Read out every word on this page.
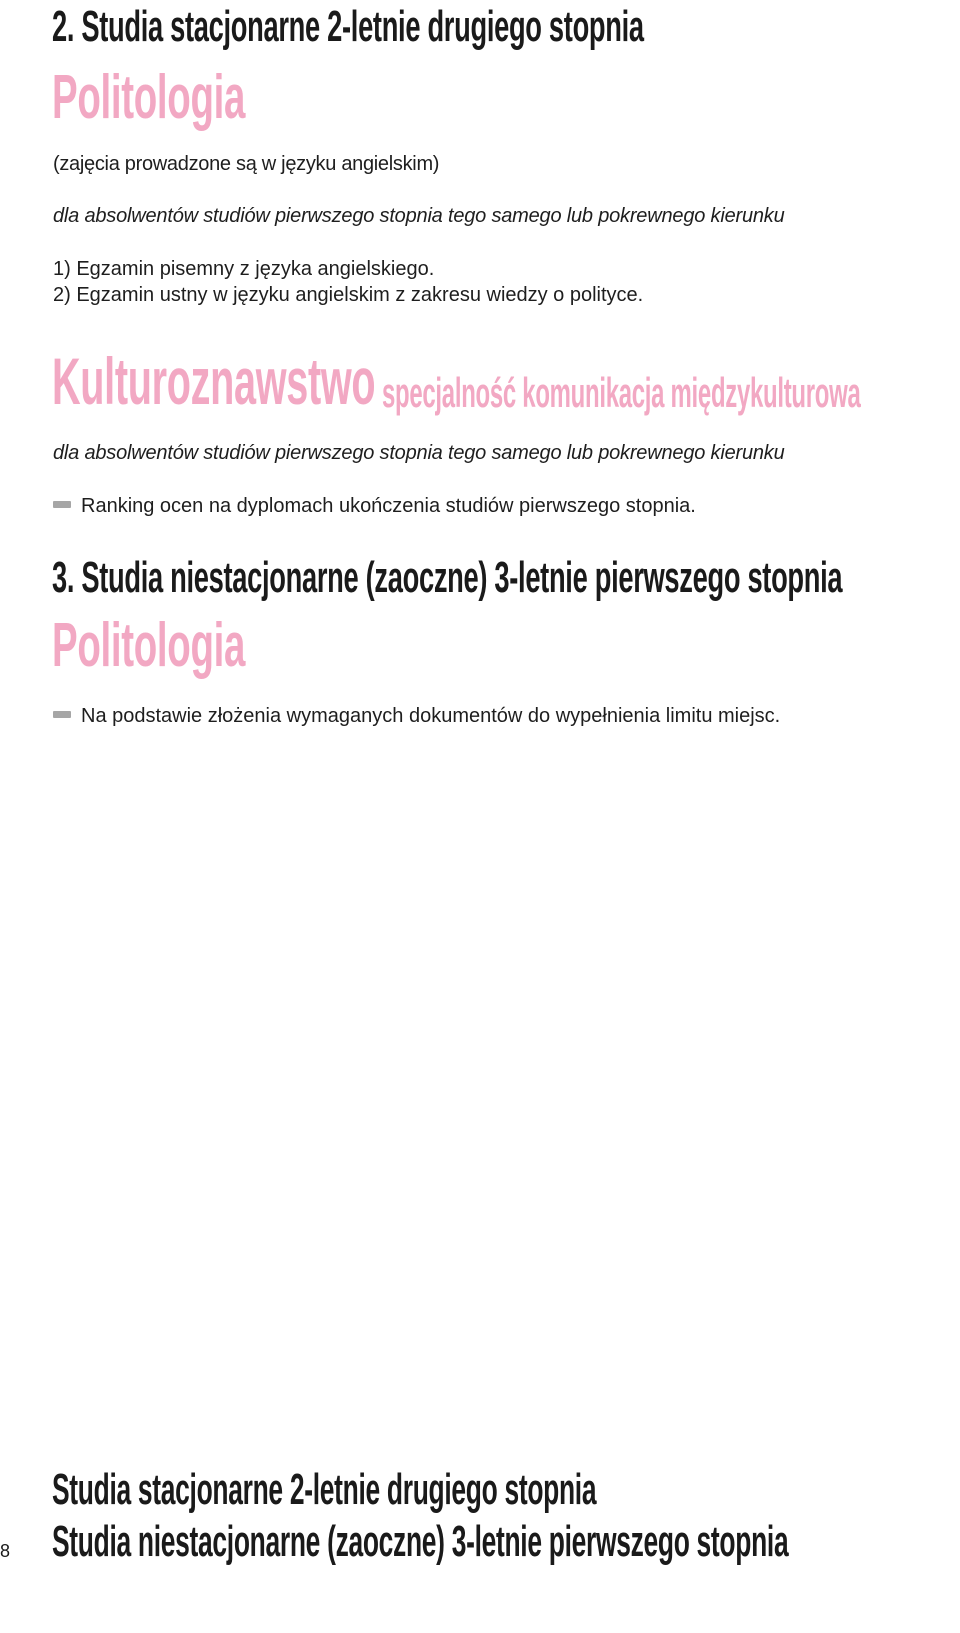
2. Studia stacjonarne 2-letnie drugiego stopnia
Politologia
(zajęcia prowadzone są w języku angielskim)
dla absolwentów studiów pierwszego stopnia tego samego lub pokrewnego kierunku
1) Egzamin pisemny z języka angielskiego.
2) Egzamin ustny w języku angielskim z zakresu wiedzy o polityce.
Kulturoznawstwo specjalność komunikacja międzykulturowa
dla absolwentów studiów pierwszego stopnia tego samego lub pokrewnego kierunku
Ranking ocen na dyplomach ukończenia studiów pierwszego stopnia.
3. Studia niestacjonarne (zaoczne) 3-letnie pierwszego stopnia
Politologia
Na podstawie złożenia wymaganych dokumentów do wypełnienia limitu miejsc.
8
Studia stacjonarne 2-letnie drugiego stopnia
Studia niestacjonarne (zaoczne) 3-letnie pierwszego stopnia
